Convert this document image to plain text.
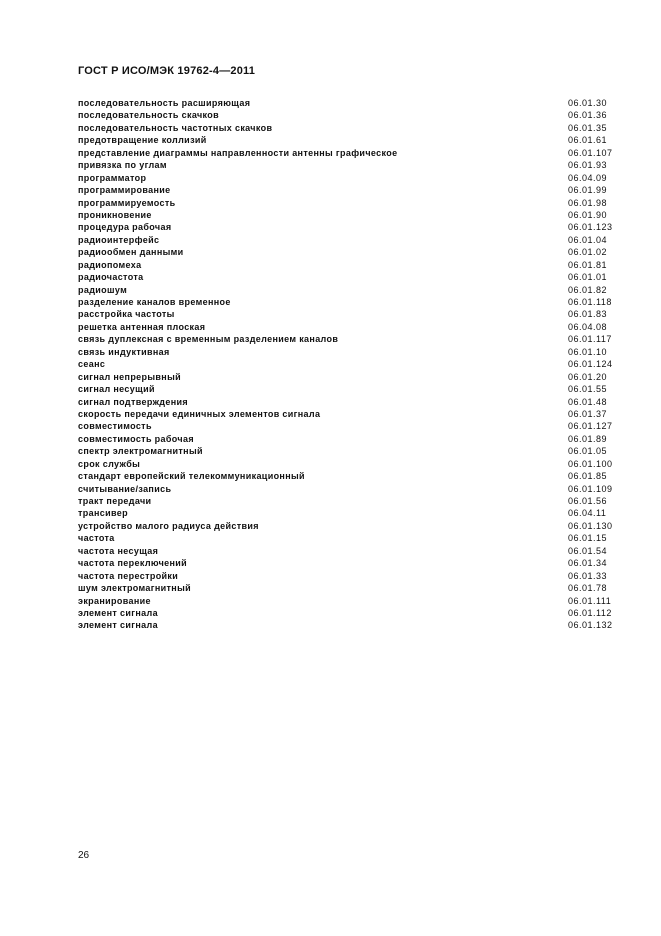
ГОСТ Р ИСО/МЭК 19762-4—2011
последовательность расширяющая	06.01.30
последовательность скачков	06.01.36
последовательность частотных скачков	06.01.35
предотвращение коллизий	06.01.61
представление диаграммы направленности антенны графическое	06.01.107
привязка по углам	06.01.93
программатор	06.04.09
программирование	06.01.99
программируемость	06.01.98
проникновение	06.01.90
процедура рабочая	06.01.123
радиоинтерфейс	06.01.04
радиообмен данными	06.01.02
радиопомеха	06.01.81
радиочастота	06.01.01
радиошум	06.01.82
разделение каналов временное	06.01.118
расстройка частоты	06.01.83
решетка антенная плоская	06.04.08
связь дуплексная с временным разделением каналов	06.01.117
связь индуктивная	06.01.10
сеанс	06.01.124
сигнал непрерывный	06.01.20
сигнал несущий	06.01.55
сигнал подтверждения	06.01.48
скорость передачи единичных элементов сигнала	06.01.37
совместимость	06.01.127
совместимость рабочая	06.01.89
спектр электромагнитный	06.01.05
срок службы	06.01.100
стандарт европейский телекоммуникационный	06.01.85
считывание/запись	06.01.109
тракт передачи	06.01.56
трансивер	06.04.11
устройство малого радиуса действия	06.01.130
частота	06.01.15
частота несущая	06.01.54
частота переключений	06.01.34
частота перестройки	06.01.33
шум электромагнитный	06.01.78
экранирование	06.01.111
элемент сигнала	06.01.112
элемент сигнала	06.01.132
26
